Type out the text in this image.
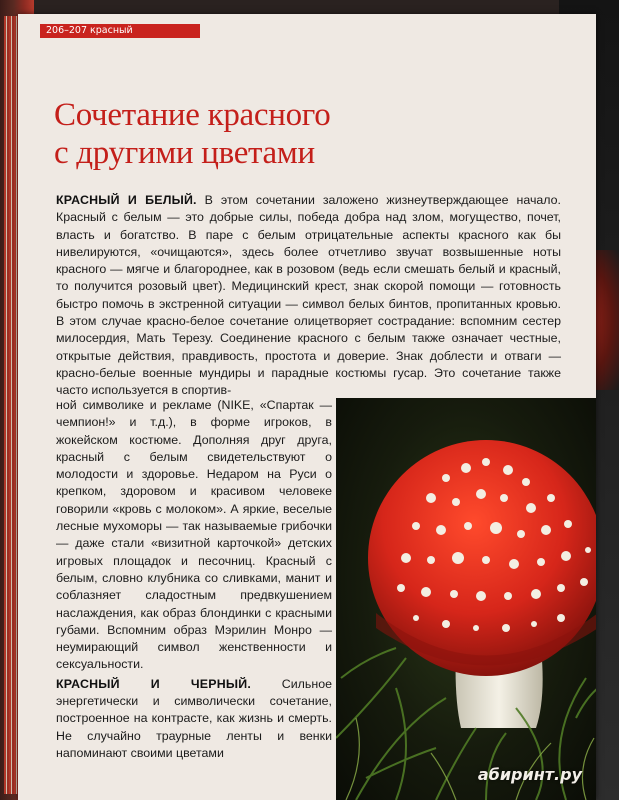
206–207 красный
Сочетание красного
с другими цветами

КРАСНЫЙ И БЕЛЫЙ. В этом сочетании заложено жизнеутверждающее начало. Красный с белым — это добрые силы, победа добра над злом, могущество, почет, власть и богатство. В паре с белым отрицательные аспекты красного как бы нивелируются, «очищаются», здесь более отчетливо звучат возвышенные ноты красного — мягче и благороднее, как в розовом (ведь если смешать белый и красный, то получится розовый цвет). Медицинский крест, знак скорой помощи — готовность быстро помочь в экстренной ситуации — символ белых бинтов, пропитанных кровью. В этом случае красно-белое сочетание олицетворяет сострадание: вспомним сестер милосердия, Мать Терезу. Соединение красного с белым также означает честные, открытые действия, правдивость, простота и доверие. Знак доблести и отваги — красно-белые военные мундиры и парадные костюмы гусар. Это сочетание также часто используется в спортив-

ной символике и рекламе (NIKE, «Спартак — чемпион!» и т.д.), в форме игроков, в жокейском костюме. Дополняя друг друга, красный с белым свидетельствуют о молодости и здоровье. Недаром на Руси о крепком, здоровом и красивом человеке говорили «кровь с молоком». А яркие, веселые лесные мухоморы — так называемые грибочки — даже стали «визитной карточкой» детских игровых площадок и песочниц. Красный с белым, словно клубника со сливками, манит и соблазняет сладостным предвкушением наслаждения, как образ блондинки с красными губами. Вспомним образ Мэрилин Монро — неумирающий символ женственности и сексуальности.

КРАСНЫЙ И ЧЕРНЫЙ. Сильное энергетически и символически сочетание, построенное на контрасте, как жизнь и смерть. Не случайно траурные ленты и венки напоминают своими цветами

абиринт.ру
